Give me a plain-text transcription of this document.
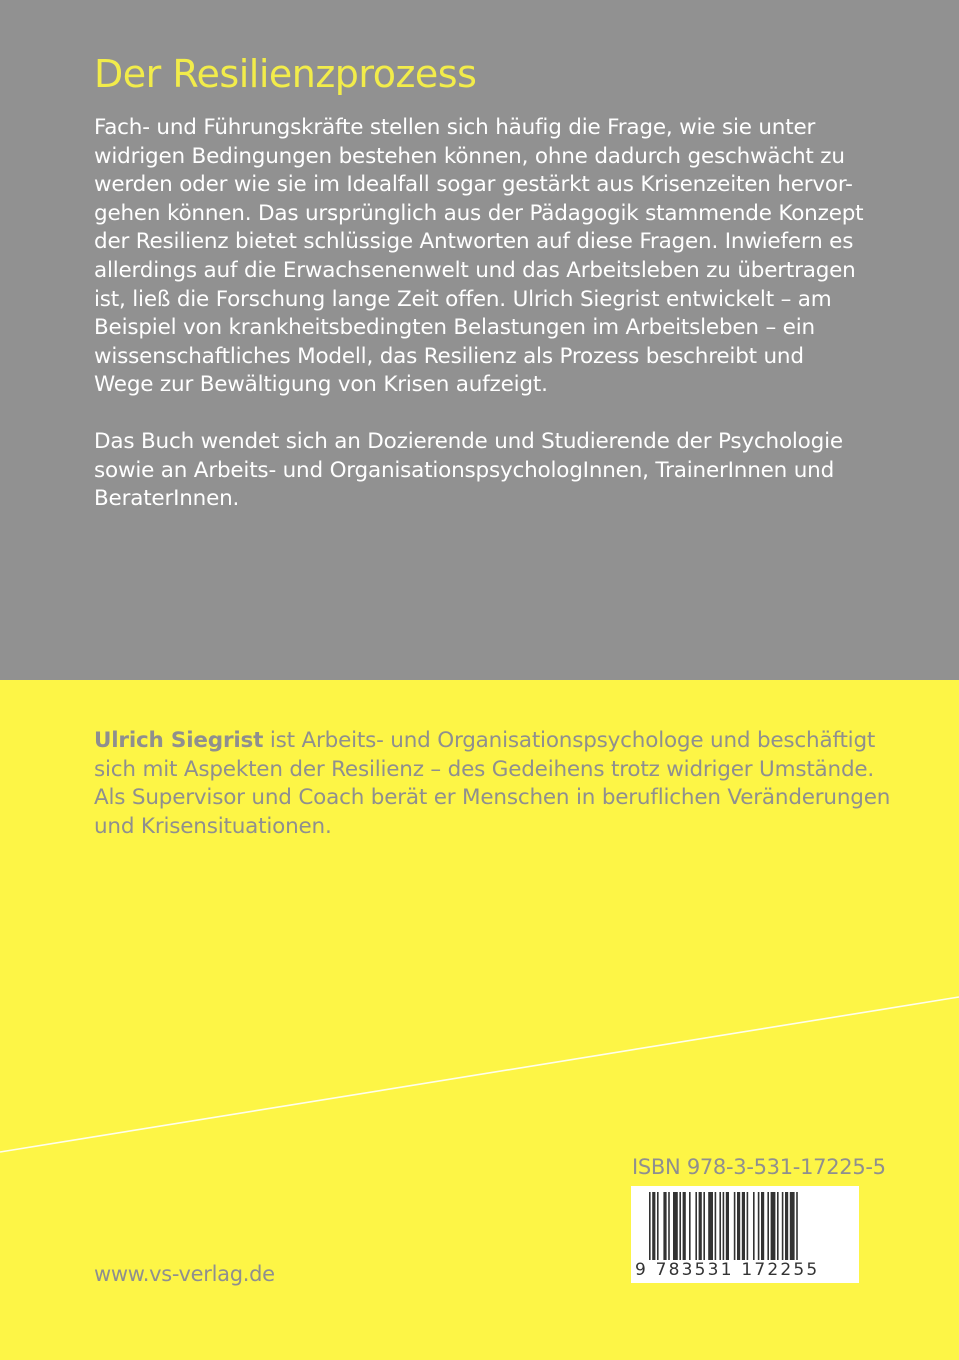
Der Resilienzprozess
Fach- und Führungskräfte stellen sich häufig die Frage, wie sie unter
widrigen Bedingungen bestehen können, ohne dadurch geschwächt zu
werden oder wie sie im Idealfall sogar gestärkt aus Krisenzeiten hervor-
gehen können. Das ursprünglich aus der Pädagogik stammende Konzept
der Resilienz bietet schlüssige Antworten auf diese Fragen. Inwiefern es
allerdings auf die Erwachsenenwelt und das Arbeitsleben zu übertragen
ist, ließ die Forschung lange Zeit offen. Ulrich Siegrist entwickelt – am
Beispiel von krankheitsbedingten Belastungen im Arbeitsleben – ein
wissenschaftliches Modell, das Resilienz als Prozess beschreibt und
Wege zur Bewältigung von Krisen aufzeigt.
Das Buch wendet sich an Dozierende und Studierende der Psychologie
sowie an Arbeits- und OrganisationspsychologInnen, TrainerInnen und
BeraterInnen.
Ulrich Siegrist ist Arbeits- und Organisationspsychologe und beschäftigt
sich mit Aspekten der Resilienz – des Gedeihens trotz widriger Umstände.
Als Supervisor und Coach berät er Menschen in beruflichen Veränderungen
und Krisensituationen.

ISBN 978-3-531-17225-5

9 783531 172255

www.vs-verlag.de
